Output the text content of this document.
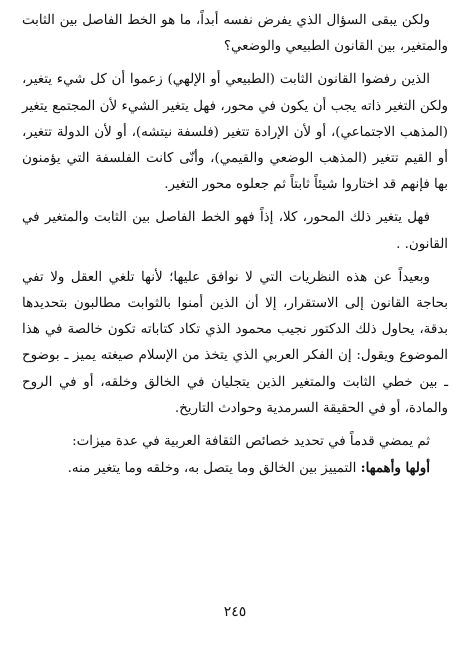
ولكن يبقى السؤال الذي يفرض نفسه أبداً، ما هو الخط الفاصل بين الثابت والمتغير، بين القانون الطبيعي والوضعي؟

الذين رفضوا القانون الثابت (الطبيعي أو الإلهي) زعموا أن كل شيء يتغير، ولكن التغير ذاته يجب أن يكون في محور، فهل يتغير الشيء لأن المجتمع يتغير (المذهب الاجتماعي)، أو لأن الإرادة تتغير (فلسفة نيتشه)، أو لأن الدولة تتغير، أو القيم تتغير (المذهب الوضعي والقيمي)، وأنّى كانت الفلسفة التي يؤمنون بها فإنهم قد اختاروا شيئاً ثابتاً ثم جعلوه محور التغير.

فهل يتغير ذلك المحور، كلا، إذاً فهو الخط الفاصل بين الثابت والمتغير في القانون. .

وبعيداً عن هذه النظريات التي لا نوافق عليها؛ لأنها تلغي العقل ولا تفي بحاجة القانون إلى الاستقرار، إلا أن الذين أمنوا بالثوابت مطالبون بتحديدها بدقة، يحاول ذلك الدكتور نجيب محمود الذي تكاد كتاباته تكون خالصة في هذا الموضوع ويقول: إن الفكر العربي الذي يتخذ من الإسلام صيغته يميز ـ بوضوح ـ بين خطي الثابت والمتغير الذين يتجليان في الخالق وخلقه، أو في الروح والمادة، أو في الحقيقة السرمدية وحوادث التاريخ.

ثم يمضي قدماً في تحديد خصائص الثقافة العربية في عدة ميزات:

أولها وأهمها: التمييز بين الخالق وما يتصل به، وخلقه وما يتغير منه.

٢٤٥
